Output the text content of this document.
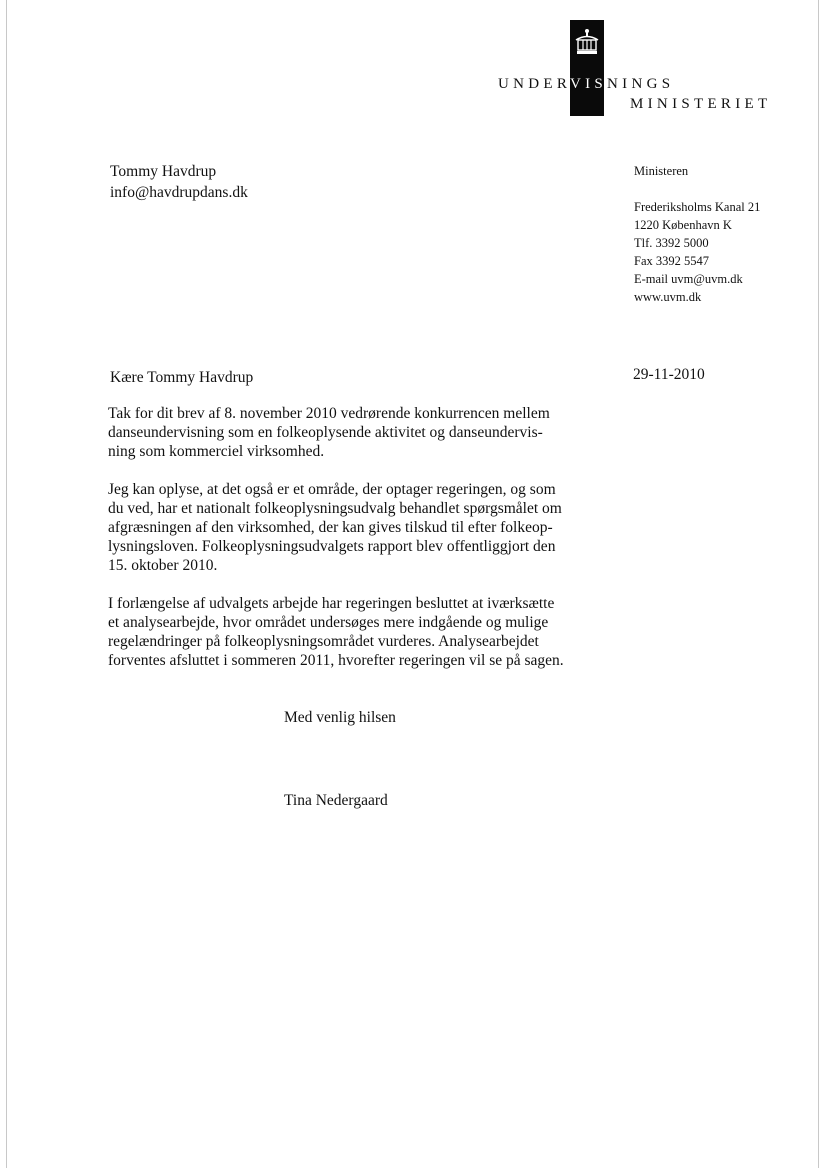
UNDERVISNINGS
MINISTERIET
Tommy Havdrup
info@havdrupdans.dk
Ministeren
Frederiksholms Kanal 21
1220 København K
Tlf. 3392 5000
Fax 3392 5547
E-mail uvm@uvm.dk
www.uvm.dk
29-11-2010
Kære Tommy Havdrup

Tak for dit brev af 8. november 2010 vedrørende konkurrencen mellem
danseundervisning som en folkeoplysende aktivitet og danseundervis-
ning som kommerciel virksomhed.

Jeg kan oplyse, at det også er et område, der optager regeringen, og som
du ved, har et nationalt folkeoplysningsudvalg behandlet spørgsmålet om
afgræsningen af den virksomhed, der kan gives tilskud til efter folkeop-
lysningsloven. Folkeoplysningsudvalgets rapport blev offentliggjort den
15. oktober 2010.

I forlængelse af udvalgets arbejde har regeringen besluttet at iværksætte
et analysearbejde, hvor området undersøges mere indgående og mulige
regelændringer på folkeoplysningsområdet vurderes. Analysearbejdet
forventes afsluttet i sommeren 2011, hvorefter regeringen vil se på sagen.

Med venlig hilsen
Tina Nedergaard
